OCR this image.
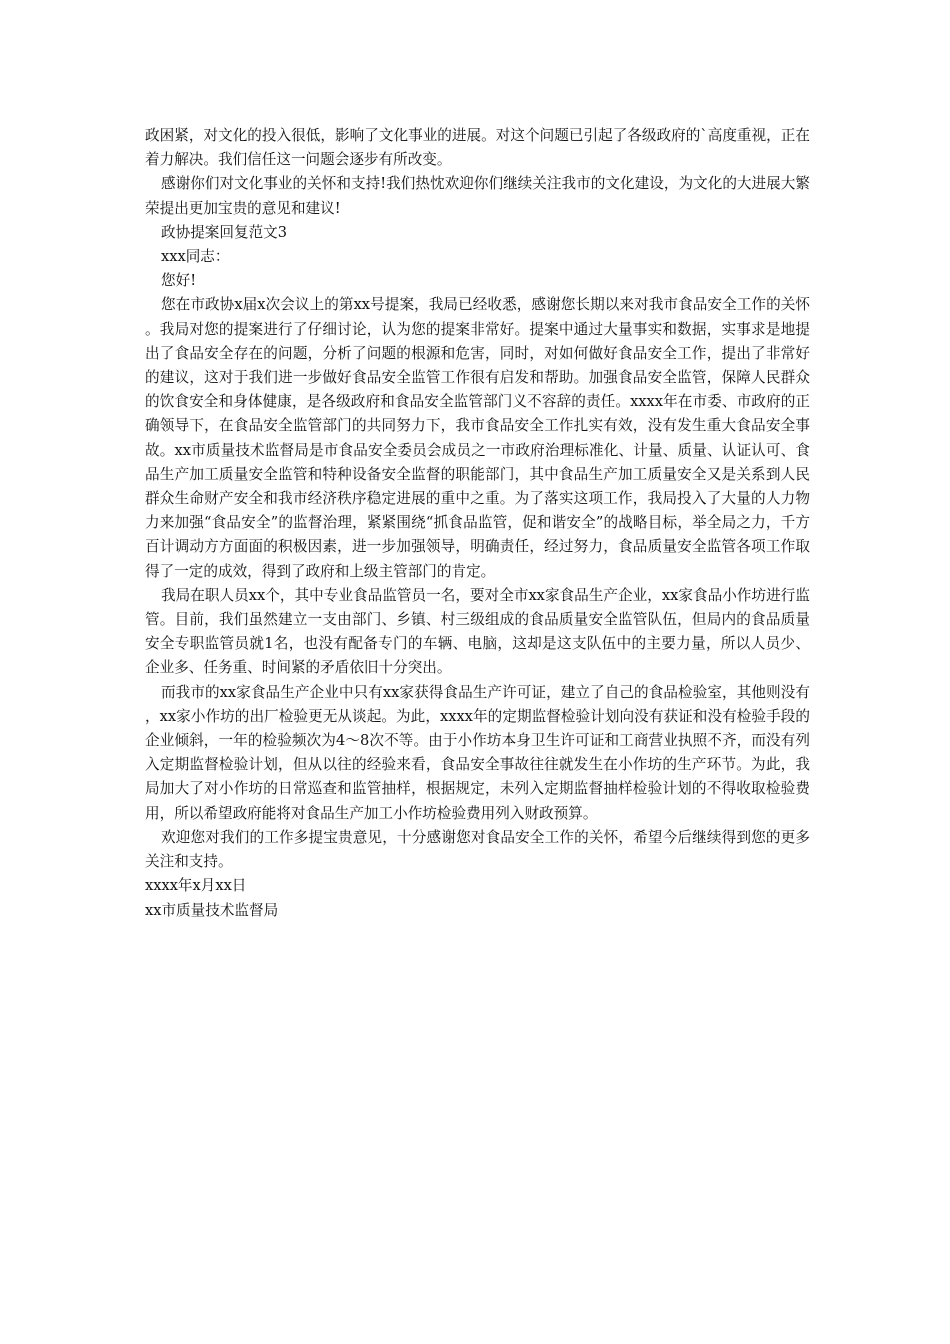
政困紧，对文化的投入很低，影响了文化事业的进展。对这个问题已引起了各级政府的`高度重视，正在着力解决。我们信任这一问题会逐步有所改变。

感谢你们对文化事业的关怀和支持!我们热忱欢迎你们继续关注我市的文化建设，为文化的大进展大繁荣提出更加宝贵的意见和建议!

政协提案回复范文3

xxx同志：

您好!

您在市政协x届x次会议上的第xx号提案，我局已经收悉，感谢您长期以来对我市食品安全工作的关怀。我局对您的提案进行了仔细讨论，认为您的提案非常好。提案中通过大量事实和数据，实事求是地提出了食品安全存在的问题，分析了问题的根源和危害，同时，对如何做好食品安全工作，提出了非常好的建议，这对于我们进一步做好食品安全监管工作很有启发和帮助。加强食品安全监管，保障人民群众的饮食安全和身体健康，是各级政府和食品安全监管部门义不容辞的责任。xxxx年在市委、市政府的正确领导下，在食品安全监管部门的共同努力下，我市食品安全工作扎实有效，没有发生重大食品安全事故。xx市质量技术监督局是市食品安全委员会成员之一市政府治理标准化、计量、质量、认证认可、食品生产加工质量安全监管和特种设备安全监督的职能部门，其中食品生产加工质量安全又是关系到人民群众生命财产安全和我市经济秩序稳定进展的重中之重。为了落实这项工作，我局投入了大量的人力物力来加强“食品安全”的监督治理，紧紧围绕“抓食品监管，促和谐安全”的战略目标，举全局之力，千方百计调动方方面面的积极因素，进一步加强领导，明确责任，经过努力，食品质量安全监管各项工作取得了一定的成效，得到了政府和上级主管部门的肯定。

我局在职人员xx个，其中专业食品监管员一名，要对全市xx家食品生产企业，xx家食品小作坊进行监管。目前，我们虽然建立一支由部门、乡镇、村三级组成的食品质量安全监管队伍，但局内的食品质量安全专职监管员就1名，也没有配备专门的车辆、电脑，这却是这支队伍中的主要力量，所以人员少、企业多、任务重、时间紧的矛盾依旧十分突出。

而我市的xx家食品生产企业中只有xx家获得食品生产许可证，建立了自己的食品检验室，其他则没有，xx家小作坊的出厂检验更无从谈起。为此，xxxx年的定期监督检验计划向没有获证和没有检验手段的企业倾斜，一年的检验频次为4～8次不等。由于小作坊本身卫生许可证和工商营业执照不齐，而没有列入定期监督检验计划，但从以往的经验来看，食品安全事故往往就发生在小作坊的生产环节。为此，我局加大了对小作坊的日常巡查和监管抽样，根据规定，未列入定期监督抽样检验计划的不得收取检验费用，所以希望政府能将对食品生产加工小作坊检验费用列入财政预算。

欢迎您对我们的工作多提宝贵意见，十分感谢您对食品安全工作的关怀，希望今后继续得到您的更多关注和支持。

xxxx年x月xx日

xx市质量技术监督局
